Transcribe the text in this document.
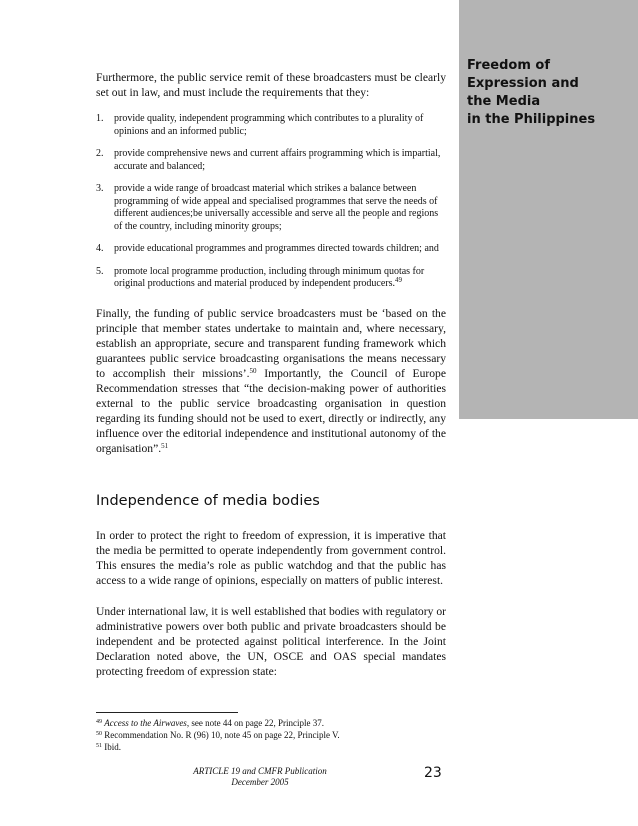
Freedom of
Expression and
the Media
in the Philippines

Furthermore, the public service remit of these broadcasters must be clearly set out in law, and must include the requirements that they:

1.	provide quality, independent programming which contributes to a plurality of opinions and an informed public;
2.	provide comprehensive news and current affairs programming which is impartial, accurate and balanced;
3.	provide a wide range of broadcast material which strikes a balance between programming of wide appeal and specialised programmes that serve the needs of different audiences;be universally accessible and serve all the people and regions of the country, including minority groups;
4.	provide educational programmes and programmes directed towards children; and
5.	promote local programme production, including through minimum quotas for original productions and material produced by independent producers.$^{49}$

Finally, the funding of public service broadcasters must be ‘based on the principle that member states undertake to maintain and, where necessary, establish an appropriate, secure and transparent funding framework which guarantees public service broadcasting organisations the means necessary to accomplish their missions’.$^{50}$ Importantly, the Council of Europe Recommendation stresses that “the decision-making power of authorities external to the public service broadcasting organisation in question regarding its funding should not be used to exert, directly or indirectly, any influence over the editorial independence and institutional autonomy of the organisation”.$^{51}$

Independence of media bodies

In order to protect the right to freedom of expression, it is imperative that the media be permitted to operate independently from government control. This ensures the media’s role as public watchdog and that the public has access to a wide range of opinions, especially on matters of public interest.

Under international law, it is well established that bodies with regulatory or administrative powers over both public and private broadcasters should be independent and be protected against political interference. In the Joint Declaration noted above, the UN, OSCE and OAS special mandates protecting freedom of expression state:

$^{49}$ Access to the Airwaves, see note 44 on page 22, Principle 37.
$^{50}$ Recommendation No. R (96) 10, note 45 on page 22, Principle V.
$^{51}$ Ibid.
ARTICLE 19 and CMFR Publication
December 2005
23
